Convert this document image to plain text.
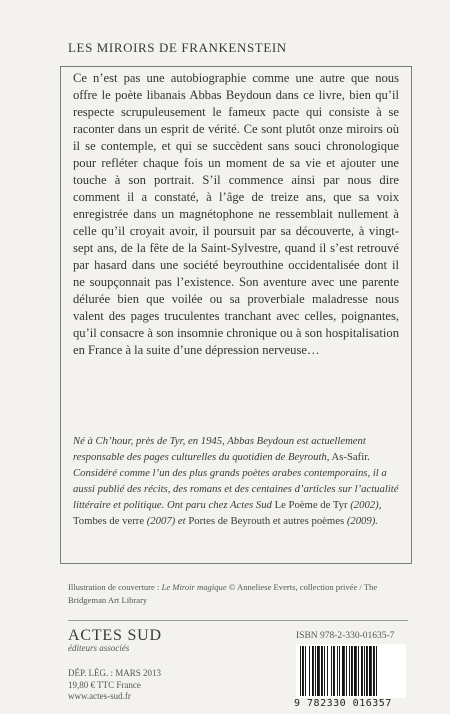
LES MIROIRS DE FRANKENSTEIN
Ce n’est pas une autobiographie comme une autre que nous offre le poète libanais Abbas Beydoun dans ce livre, bien qu’il respecte scrupuleusement le fameux pacte qui consiste à se raconter dans un esprit de vérité. Ce sont plutôt onze miroirs où il se contemple, et qui se succèdent sans souci chronologique pour refléter chaque fois un moment de sa vie et ajouter une touche à son portrait. S’il commence ainsi par nous dire comment il a constaté, à l’âge de treize ans, que sa voix enregistrée dans un magnétophone ne ressemblait nullement à celle qu’il croyait avoir, il poursuit par sa découverte, à vingt-sept ans, de la fête de la Saint-Sylvestre, quand il s’est retrouvé par hasard dans une société beyrouthine occidentalisée dont il ne soupçonnait pas l’existence. Son aventure avec une parente délurée bien que voilée ou sa proverbiale maladresse nous valent des pages truculentes tranchant avec celles, poignantes, qu’il consacre à son insomnie chronique ou à son hospitalisation en France à la suite d’une dépression nerveuse…
Né à Ch’hour, près de Tyr, en 1945, Abbas Beydoun est actuellement responsable des pages culturelles du quotidien de Beyrouth, As-Safir. Considéré comme l’un des plus grands poètes arabes contemporains, il a aussi publié des récits, des romans et des centaines d’articles sur l’actualité littéraire et politique. Ont paru chez Actes Sud Le Poème de Tyr (2002), Tombes de verre (2007) et Portes de Beyrouth et autres poèmes (2009).
Illustration de couverture : Le Miroir magique © Anneliese Everts, collection privée / The Bridgeman Art Library
ACTES SUD
éditeurs associés
DÉP. LÉG. : MARS 2013
19,80 € TTC France
www.actes-sud.fr
ISBN 978-2-330-01635-7
9 782330 016357
